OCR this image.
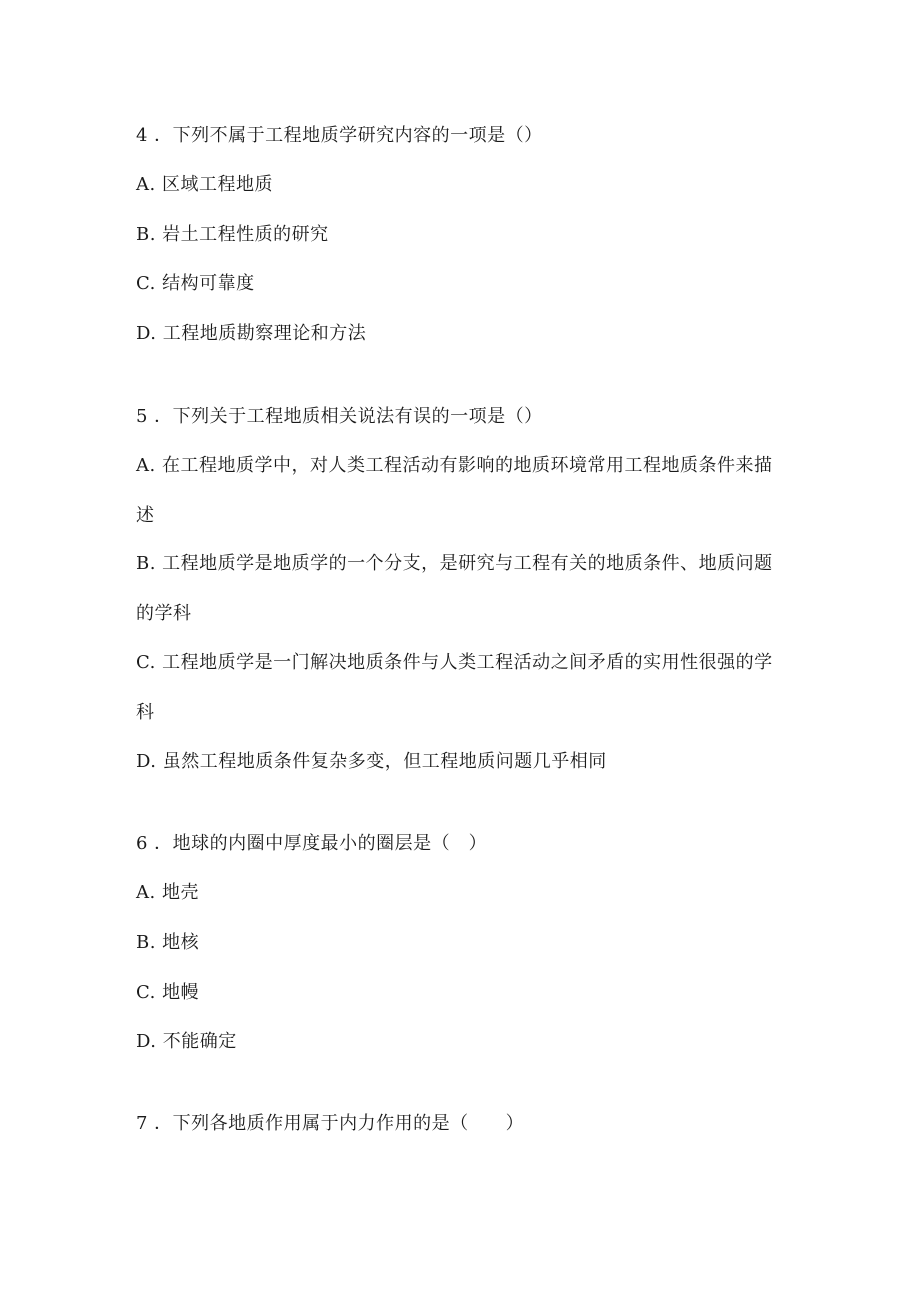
4 ．下列不属于工程地质学研究内容的一项是（）
A. 区域工程地质
B. 岩土工程性质的研究
C. 结构可靠度
D. 工程地质勘察理论和方法
5 ．下列关于工程地质相关说法有误的一项是（）
A. 在工程地质学中，对人类工程活动有影响的地质环境常用工程地质条件来描
述
B. 工程地质学是地质学的一个分支，是研究与工程有关的地质条件、地质问题
的学科
C. 工程地质学是一门解决地质条件与人类工程活动之间矛盾的实用性很强的学
科
D. 虽然工程地质条件复杂多变，但工程地质问题几乎相同
6 ．地球的内圈中厚度最小的圈层是（　）
A. 地壳
B. 地核
C. 地幔
D. 不能确定
7 ．下列各地质作用属于内力作用的是（　　）
